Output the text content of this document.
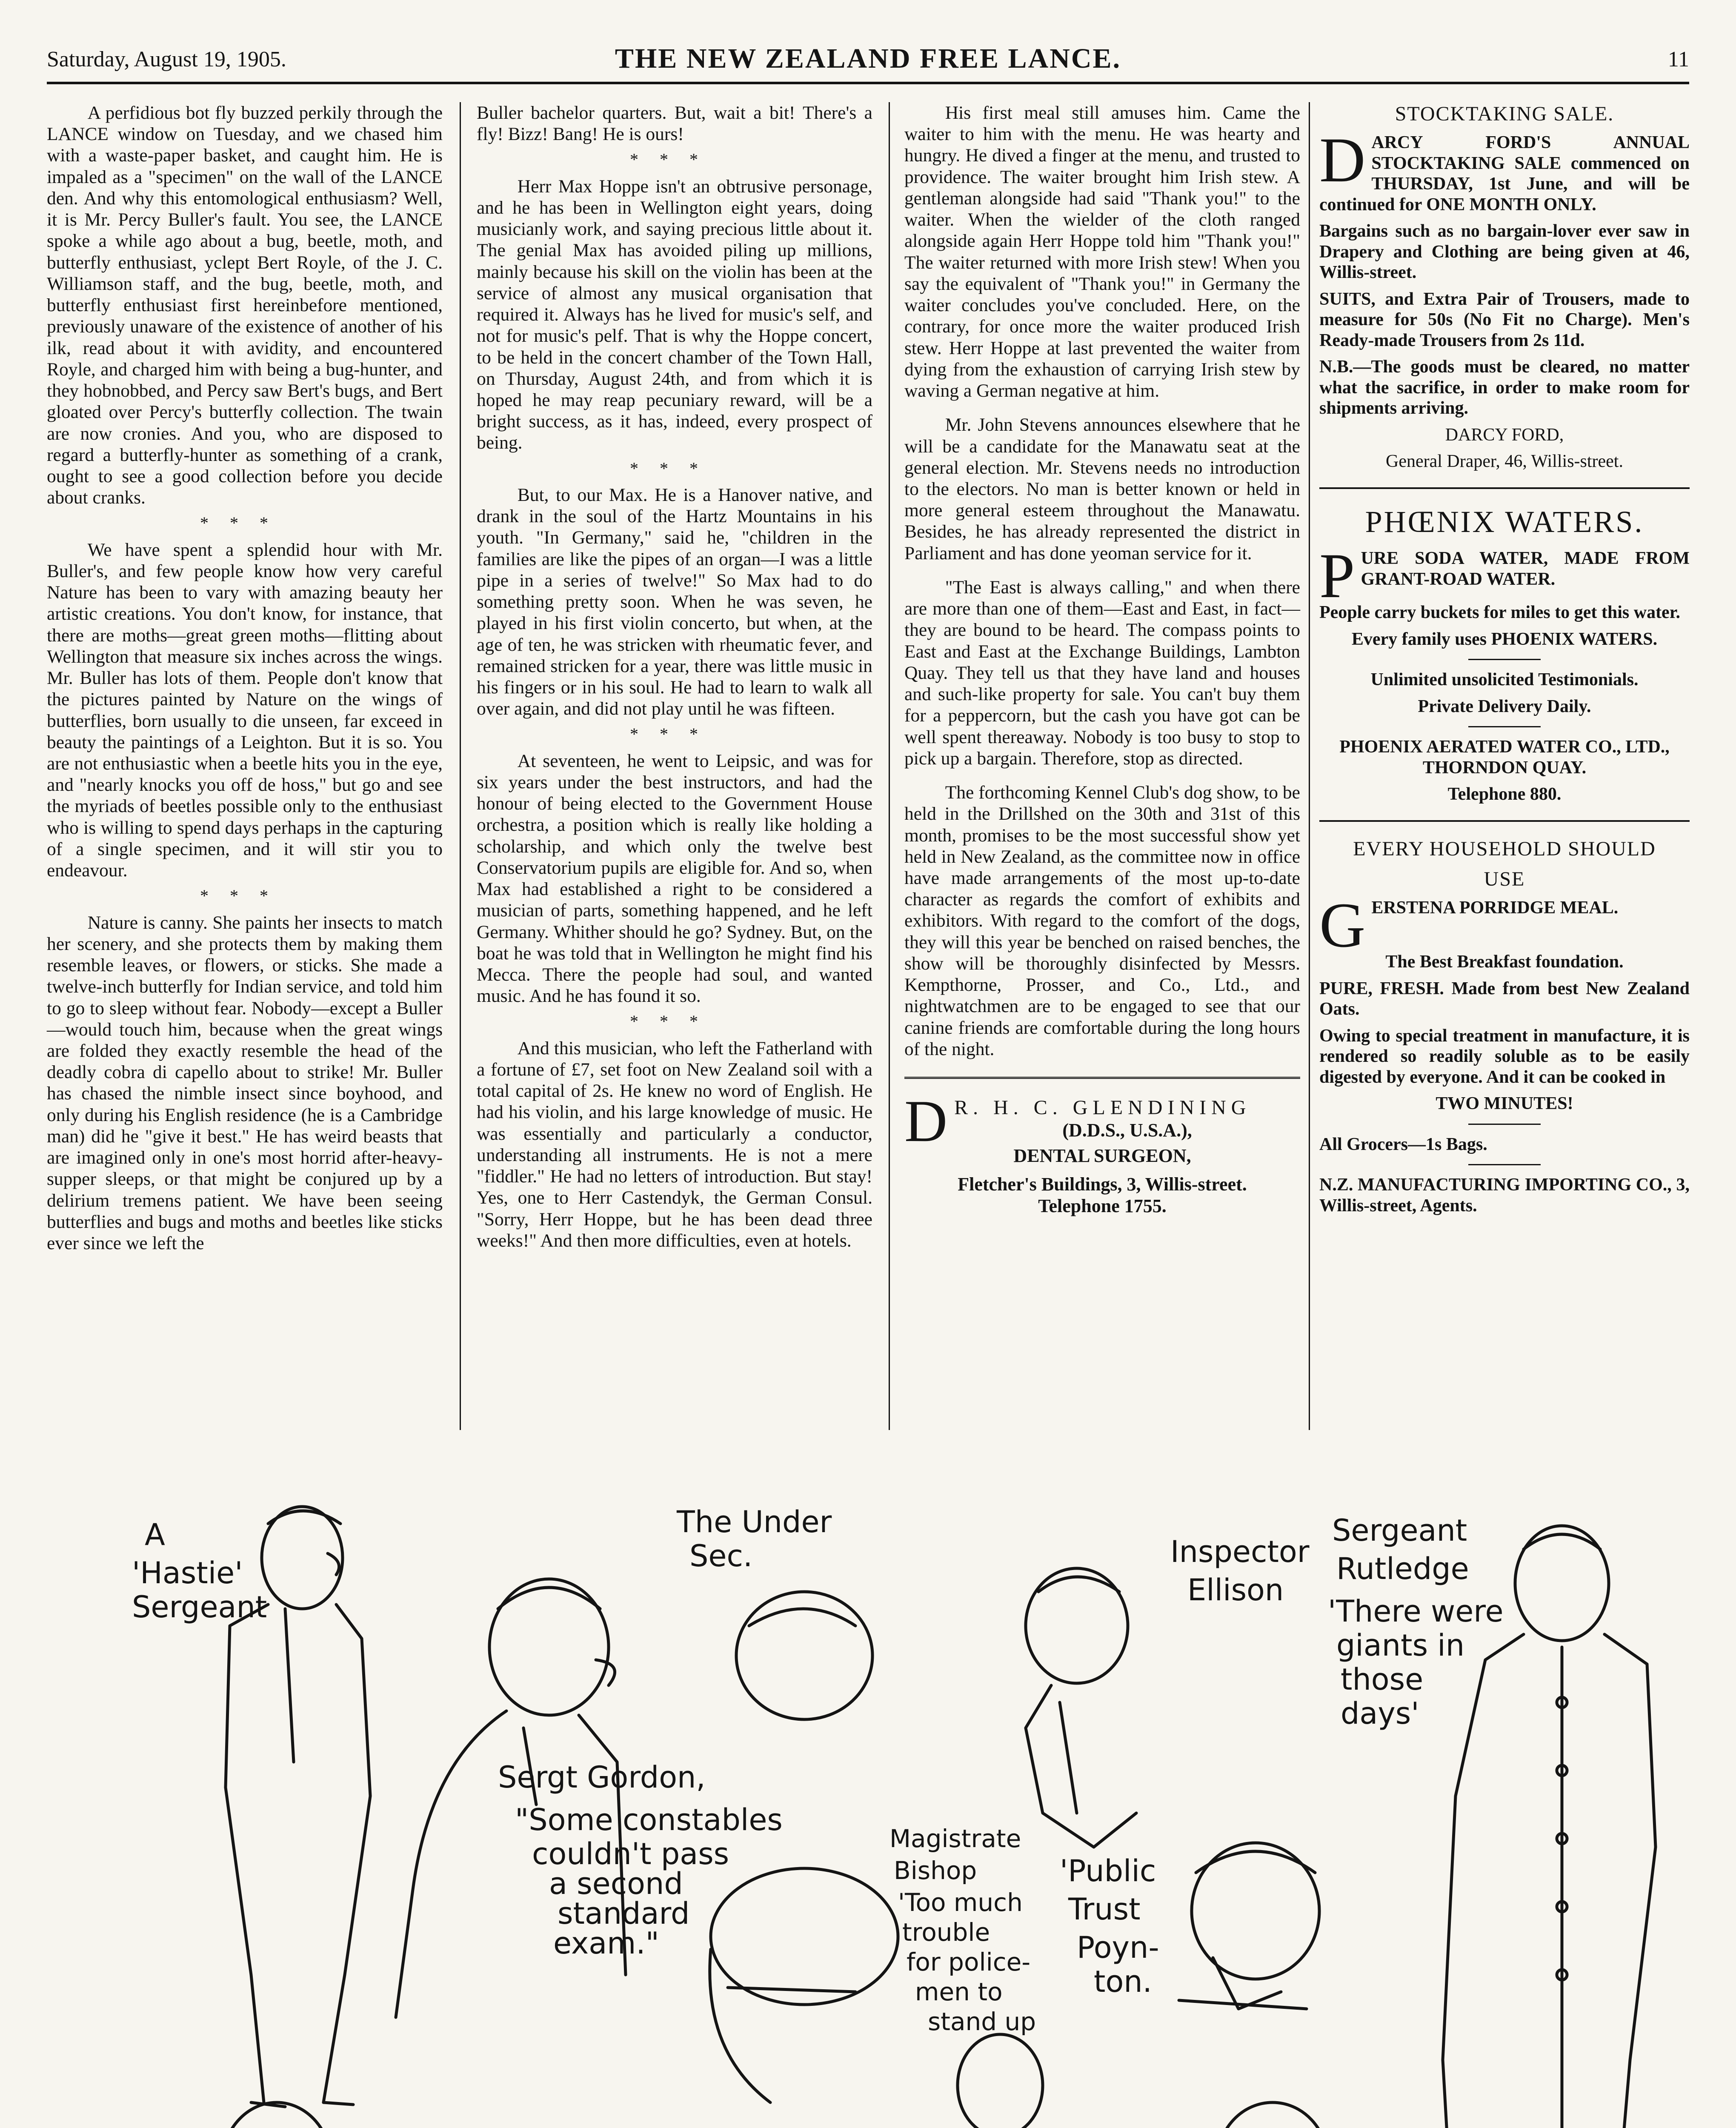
Saturday, August 19, 1905.	THE NEW ZEALAND FREE LANCE.	11

A perfidious bot fly buzzed perkily through the LANCE window on Tuesday, and we chased him with a waste-paper basket, and caught him. He is impaled as a "specimen" on the wall of the LANCE den. And why this entomological enthusiasm? Well, it is Mr. Percy Buller's fault. You see, the LANCE spoke a while ago about a bug, beetle, moth, and butterfly enthusiast, yclept Bert Royle, of the J. C. Williamson staff, and the bug, beetle, moth, and butterfly enthusiast first hereinbefore mentioned, previously unaware of the existence of another of his ilk, read about it with avidity, and encountered Royle, and charged him with being a bug-hunter, and they hobnobbed, and Percy saw Bert's bugs, and Bert gloated over Percy's butterfly collection. The twain are now cronies. And you, who are disposed to regard a butterfly-hunter as something of a crank, ought to see a good collection before you decide about cranks.

***

We have spent a splendid hour with Mr. Buller's, and few people know how very careful Nature has been to vary with amazing beauty her artistic creations. You don't know, for instance, that there are moths—great green moths—flitting about Wellington that measure six inches across the wings. Mr. Buller has lots of them. People don't know that the pictures painted by Nature on the wings of butterflies, born usually to die unseen, far exceed in beauty the paintings of a Leighton. But it is so. You are not enthusiastic when a beetle hits you in the eye, and "nearly knocks you off de hoss," but go and see the myriads of beetles possible only to the enthusiast who is willing to spend days perhaps in the capturing of a single specimen, and it will stir you to endeavour.

***

Nature is canny. She paints her insects to match her scenery, and she protects them by making them resemble leaves, or flowers, or sticks. She made a twelve-inch butterfly for Indian service, and told him to go to sleep without fear. Nobody—except a Buller—would touch him, because when the great wings are folded they exactly resemble the head of the deadly cobra di capello about to strike! Mr. Buller has chased the nimble insect since boyhood, and only during his English residence (he is a Cambridge man) did he "give it best." He has weird beasts that are imagined only in one's most horrid after-heavy-supper sleeps, or that might be conjured up by a delirium tremens patient. We have been seeing butterflies and bugs and moths and beetles like sticks ever since we left the

Buller bachelor quarters. But, wait a bit! There's a fly! Bizz! Bang! He is ours!

***

Herr Max Hoppe isn't an obtrusive personage, and he has been in Wellington eight years, doing musicianly work, and saying precious little about it. The genial Max has avoided piling up millions, mainly because his skill on the violin has been at the service of almost any musical organisation that required it. Always has he lived for music's self, and not for music's pelf. That is why the Hoppe concert, to be held in the concert chamber of the Town Hall, on Thursday, August 24th, and from which it is hoped he may reap pecuniary reward, will be a bright success, as it has, indeed, every prospect of being.

***

But, to our Max. He is a Hanover native, and drank in the soul of the Hartz Mountains in his youth. "In Germany," said he, "children in the families are like the pipes of an organ—I was a little pipe in a series of twelve!" So Max had to do something pretty soon. When he was seven, he played in his first violin concerto, but when, at the age of ten, he was stricken with rheumatic fever, and remained stricken for a year, there was little music in his fingers or in his soul. He had to learn to walk all over again, and did not play until he was fifteen.

***

At seventeen, he went to Leipsic, and was for six years under the best instructors, and had the honour of being elected to the Government House orchestra, a position which is really like holding a scholarship, and which only the twelve best Conservatorium pupils are eligible for. And so, when Max had established a right to be considered a musician of parts, something happened, and he left Germany. Whither should he go? Sydney. But, on the boat he was told that in Wellington he might find his Mecca. There the people had soul, and wanted music. And he has found it so.

***

And this musician, who left the Fatherland with a fortune of £7, set foot on New Zealand soil with a total capital of 2s. He knew no word of English. He had his violin, and his large knowledge of music. He was essentially and particularly a conductor, understanding all instruments. He is not a mere "fiddler." He had no letters of introduction. But stay! Yes, one to Herr Castendyk, the German Consul. "Sorry, Herr Hoppe, but he has been dead three weeks!" And then more difficulties, even at hotels.

His first meal still amuses him. Came the waiter to him with the menu. He was hearty and hungry. He dived a finger at the menu, and trusted to providence. The waiter brought him Irish stew. A gentleman alongside had said "Thank you!" to the waiter. When the wielder of the cloth ranged alongside again Herr Hoppe told him "Thank you!" The waiter returned with more Irish stew! When you say the equivalent of "Thank you!" in Germany the waiter concludes you've concluded. Here, on the contrary, for once more the waiter produced Irish stew. Herr Hoppe at last prevented the waiter from dying from the exhaustion of carrying Irish stew by waving a German negative at him.

Mr. John Stevens announces elsewhere that he will be a candidate for the Manawatu seat at the general election. Mr. Stevens needs no introduction to the electors. No man is better known or held in more general esteem throughout the Manawatu. Besides, he has already represented the district in Parliament and has done yeoman service for it.

"The East is always calling," and when there are more than one of them—East and East, in fact—they are bound to be heard. The compass points to East and East at the Exchange Buildings, Lambton Quay. They tell us that they have land and houses and such-like property for sale. You can't buy them for a peppercorn, but the cash you have got can be well spent thereaway. Nobody is too busy to stop to pick up a bargain. Therefore, stop as directed.

The forthcoming Kennel Club's dog show, to be held in the Drillshed on the 30th and 31st of this month, promises to be the most successful show yet held in New Zealand, as the committee now in office have made arrangements of the most up-to-date character as regards the comfort of exhibits and exhibitors. With regard to the comfort of the dogs, they will this year be benched on raised benches, the show will be thoroughly disinfected by Messrs. Kempthorne, Prosser, and Co., Ltd., and nightwatchmen are to be engaged to see that our canine friends are comfortable during the long hours of the night.

D R. H. C. GLENDINING
(D.D.S., U.S.A.),
DENTAL SURGEON,
Fletcher's Buildings, 3, Willis-street.
Telephone 1755.
STOCKTAKING SALE.

DARCY FORD'S ANNUAL STOCKTAKING SALE commenced on THURSDAY, 1st June, and will be continued for ONE MONTH ONLY.

Bargains such as no bargain-lover ever saw in Drapery and Clothing are being given at 46, Willis-street.

SUITS, and Extra Pair of Trousers, made to measure for 50s (No Fit no Charge). Men's Ready-made Trousers from 2s 11d.

N.B.—The goods must be cleared, no matter what the sacrifice, in order to make room for shipments arriving.

DARCY FORD,

General Draper, 46, Willis-street.

PHŒNIX WATERS.

PURE SODA WATER, MADE FROM GRANT-ROAD WATER.

People carry buckets for miles to get this water.

Every family uses PHOENIX WATERS.

Unlimited unsolicited Testimonials.

Private Delivery Daily.

PHOENIX AERATED WATER CO., LTD., THORNDON QUAY.

Telephone 880.

EVERY HOUSEHOLD SHOULD
USE

GERSTENA PORRIDGE MEAL.

The Best Breakfast foundation.

PURE, FRESH. Made from best New Zealand Oats.

Owing to special treatment in manufacture, it is rendered so readily soluble as to be easily digested by everyone. And it can be cooked in

TWO MINUTES!

All Grocers—1s Bags.

N.Z. MANUFACTURING IMPORTING CO., 3, Willis-street, Agents.

A
'Hastie'
Sergeant
The Under
Sec.	Inspector
Ellison
Sergeant
Rutledge
'There were
giants in
those
days'
Sergt Gordon,
"Some constables
couldn't pass
a second
standard
exam."
Magistrate
Bishop
'Too much
trouble
for police-
men to
stand up
'Public
Trust
Poyn-
ton.
